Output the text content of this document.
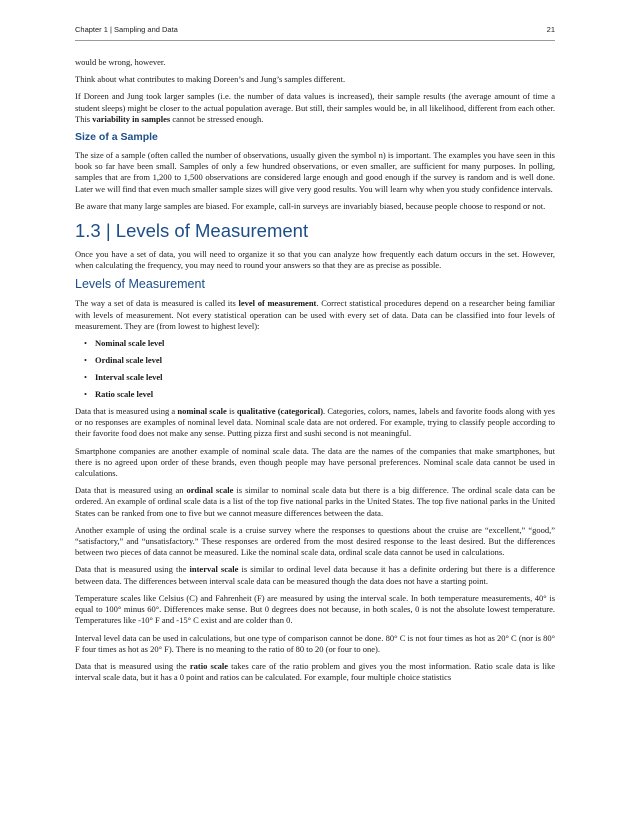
Chapter 1 | Sampling and Data	21

would be wrong, however.

Think about what contributes to making Doreen’s and Jung’s samples different.

If Doreen and Jung took larger samples (i.e. the number of data values is increased), their sample results (the average amount of time a student sleeps) might be closer to the actual population average. But still, their samples would be, in all likelihood, different from each other. This variability in samples cannot be stressed enough.

Size of a Sample

The size of a sample (often called the number of observations, usually given the symbol n) is important. The examples you have seen in this book so far have been small. Samples of only a few hundred observations, or even smaller, are sufficient for many purposes. In polling, samples that are from 1,200 to 1,500 observations are considered large enough and good enough if the survey is random and is well done. Later we will find that even much smaller sample sizes will give very good results. You will learn why when you study confidence intervals.

Be aware that many large samples are biased. For example, call-in surveys are invariably biased, because people choose to respond or not.

1.3 | Levels of Measurement

Once you have a set of data, you will need to organize it so that you can analyze how frequently each datum occurs in the set. However, when calculating the frequency, you may need to round your answers so that they are as precise as possible.

Levels of Measurement

The way a set of data is measured is called its level of measurement. Correct statistical procedures depend on a researcher being familiar with levels of measurement. Not every statistical operation can be used with every set of data. Data can be classified into four levels of measurement. They are (from lowest to highest level):

• Nominal scale level
• Ordinal scale level
• Interval scale level
• Ratio scale level

Data that is measured using a nominal scale is qualitative (categorical). Categories, colors, names, labels and favorite foods along with yes or no responses are examples of nominal level data. Nominal scale data are not ordered. For example, trying to classify people according to their favorite food does not make any sense. Putting pizza first and sushi second is not meaningful.

Smartphone companies are another example of nominal scale data. The data are the names of the companies that make smartphones, but there is no agreed upon order of these brands, even though people may have personal preferences. Nominal scale data cannot be used in calculations.

Data that is measured using an ordinal scale is similar to nominal scale data but there is a big difference. The ordinal scale data can be ordered. An example of ordinal scale data is a list of the top five national parks in the United States. The top five national parks in the United States can be ranked from one to five but we cannot measure differences between the data.

Another example of using the ordinal scale is a cruise survey where the responses to questions about the cruise are “excellent,” “good,” “satisfactory,” and “unsatisfactory.” These responses are ordered from the most desired response to the least desired. But the differences between two pieces of data cannot be measured. Like the nominal scale data, ordinal scale data cannot be used in calculations.

Data that is measured using the interval scale is similar to ordinal level data because it has a definite ordering but there is a difference between data. The differences between interval scale data can be measured though the data does not have a starting point.

Temperature scales like Celsius (C) and Fahrenheit (F) are measured by using the interval scale. In both temperature measurements, 40° is equal to 100° minus 60°. Differences make sense. But 0 degrees does not because, in both scales, 0 is not the absolute lowest temperature. Temperatures like -10° F and -15° C exist and are colder than 0.

Interval level data can be used in calculations, but one type of comparison cannot be done. 80° C is not four times as hot as 20° C (nor is 80° F four times as hot as 20° F). There is no meaning to the ratio of 80 to 20 (or four to one).

Data that is measured using the ratio scale takes care of the ratio problem and gives you the most information. Ratio scale data is like interval scale data, but it has a 0 point and ratios can be calculated. For example, four multiple choice statistics
